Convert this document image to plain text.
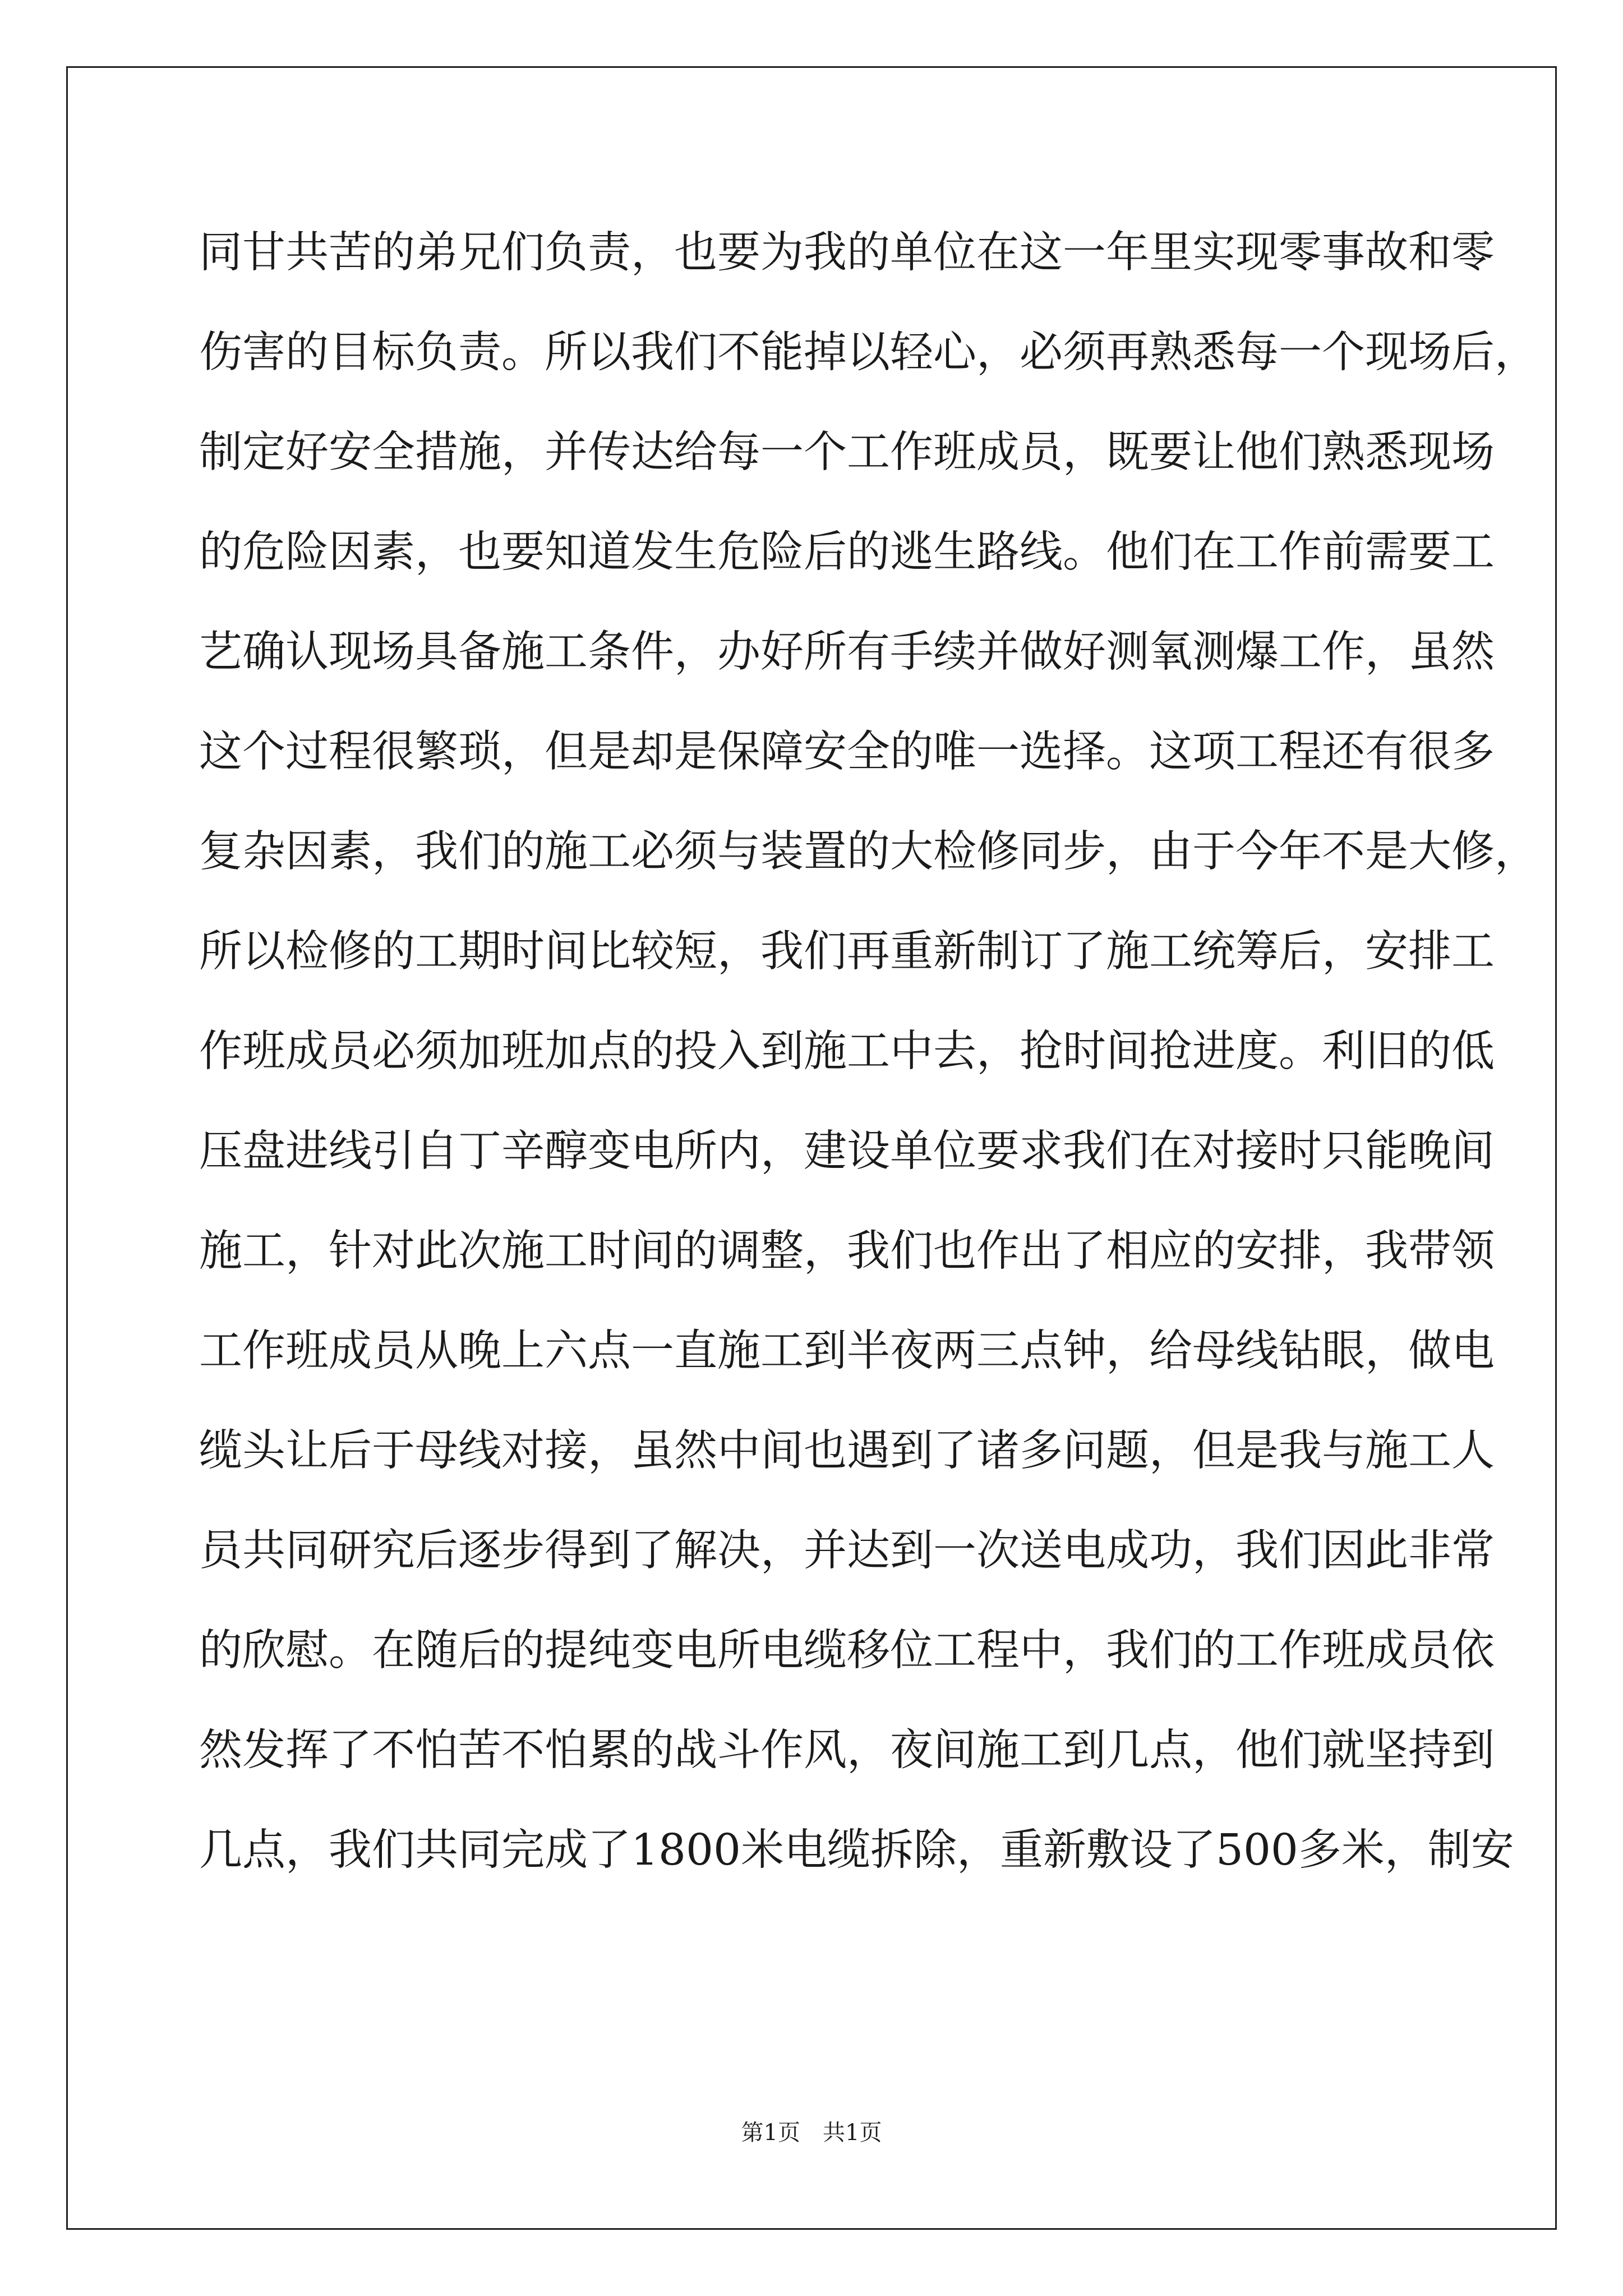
同甘共苦的弟兄们负责，也要为我的单位在这一年里实现零事故和零
伤害的目标负责。所以我们不能掉以轻心，必须再熟悉每一个现场后，
制定好安全措施，并传达给每一个工作班成员，既要让他们熟悉现场
的危险因素，也要知道发生危险后的逃生路线。他们在工作前需要工
艺确认现场具备施工条件，办好所有手续并做好测氧测爆工作，虽然
这个过程很繁琐，但是却是保障安全的唯一选择。这项工程还有很多
复杂因素，我们的施工必须与装置的大检修同步，由于今年不是大修，
所以检修的工期时间比较短，我们再重新制订了施工统筹后，安排工
作班成员必须加班加点的投入到施工中去，抢时间抢进度。利旧的低
压盘进线引自丁辛醇变电所内，建设单位要求我们在对接时只能晚间
施工，针对此次施工时间的调整，我们也作出了相应的安排，我带领
工作班成员从晚上六点一直施工到半夜两三点钟，给母线钻眼，做电
缆头让后于母线对接，虽然中间也遇到了诸多问题，但是我与施工人
员共同研究后逐步得到了解决，并达到一次送电成功，我们因此非常
的欣慰。在随后的提纯变电所电缆移位工程中，我们的工作班成员依
然发挥了不怕苦不怕累的战斗作风，夜间施工到几点，他们就坚持到
几点，我们共同完成了1800米电缆拆除，重新敷设了500多米，制安
第1页 共1页
